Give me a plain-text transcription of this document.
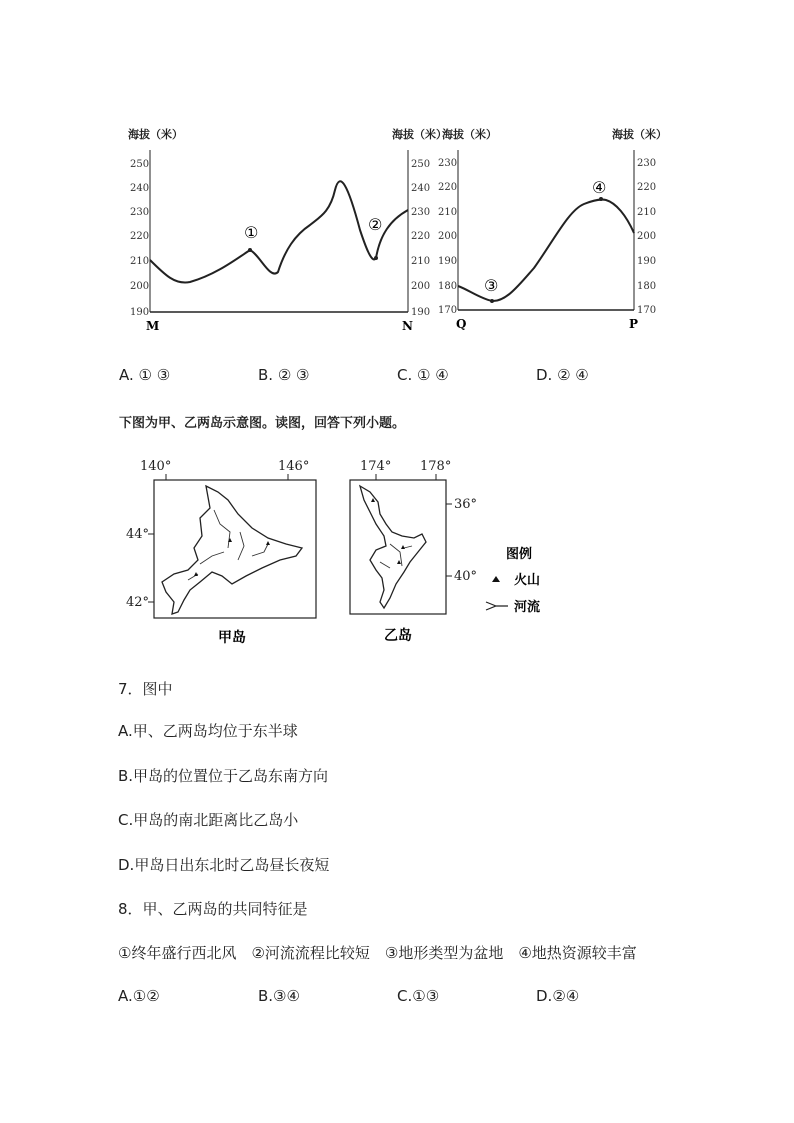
海拔（米）	海拔（米）
190
200
210
220
230
240
250
190
200
210
220
230
240
250
①	②
M	N
海拔（米）	海拔（米）
170
180
190
200
210
220
230
170
180
190
200
210
220
230
③
④
Q	P
A. ① ③	B. ② ③	C. ① ④	D. ② ④
下图为甲、乙两岛示意图。读图，回答下列小题。
140°	146°
44°
42°
甲岛
174° 178°
36°
40°
乙岛
图例
火山
河流
7．图中
A.甲、乙两岛均位于东半球
B.甲岛的位置位于乙岛东南方向
C.甲岛的南北距离比乙岛小
D.甲岛日出东北时乙岛昼长夜短
8．甲、乙两岛的共同特征是
①终年盛行西北风　②河流流程比较短　③地形类型为盆地　④地热资源较丰富
A.①②	B.③④	C.①③	D.②④
